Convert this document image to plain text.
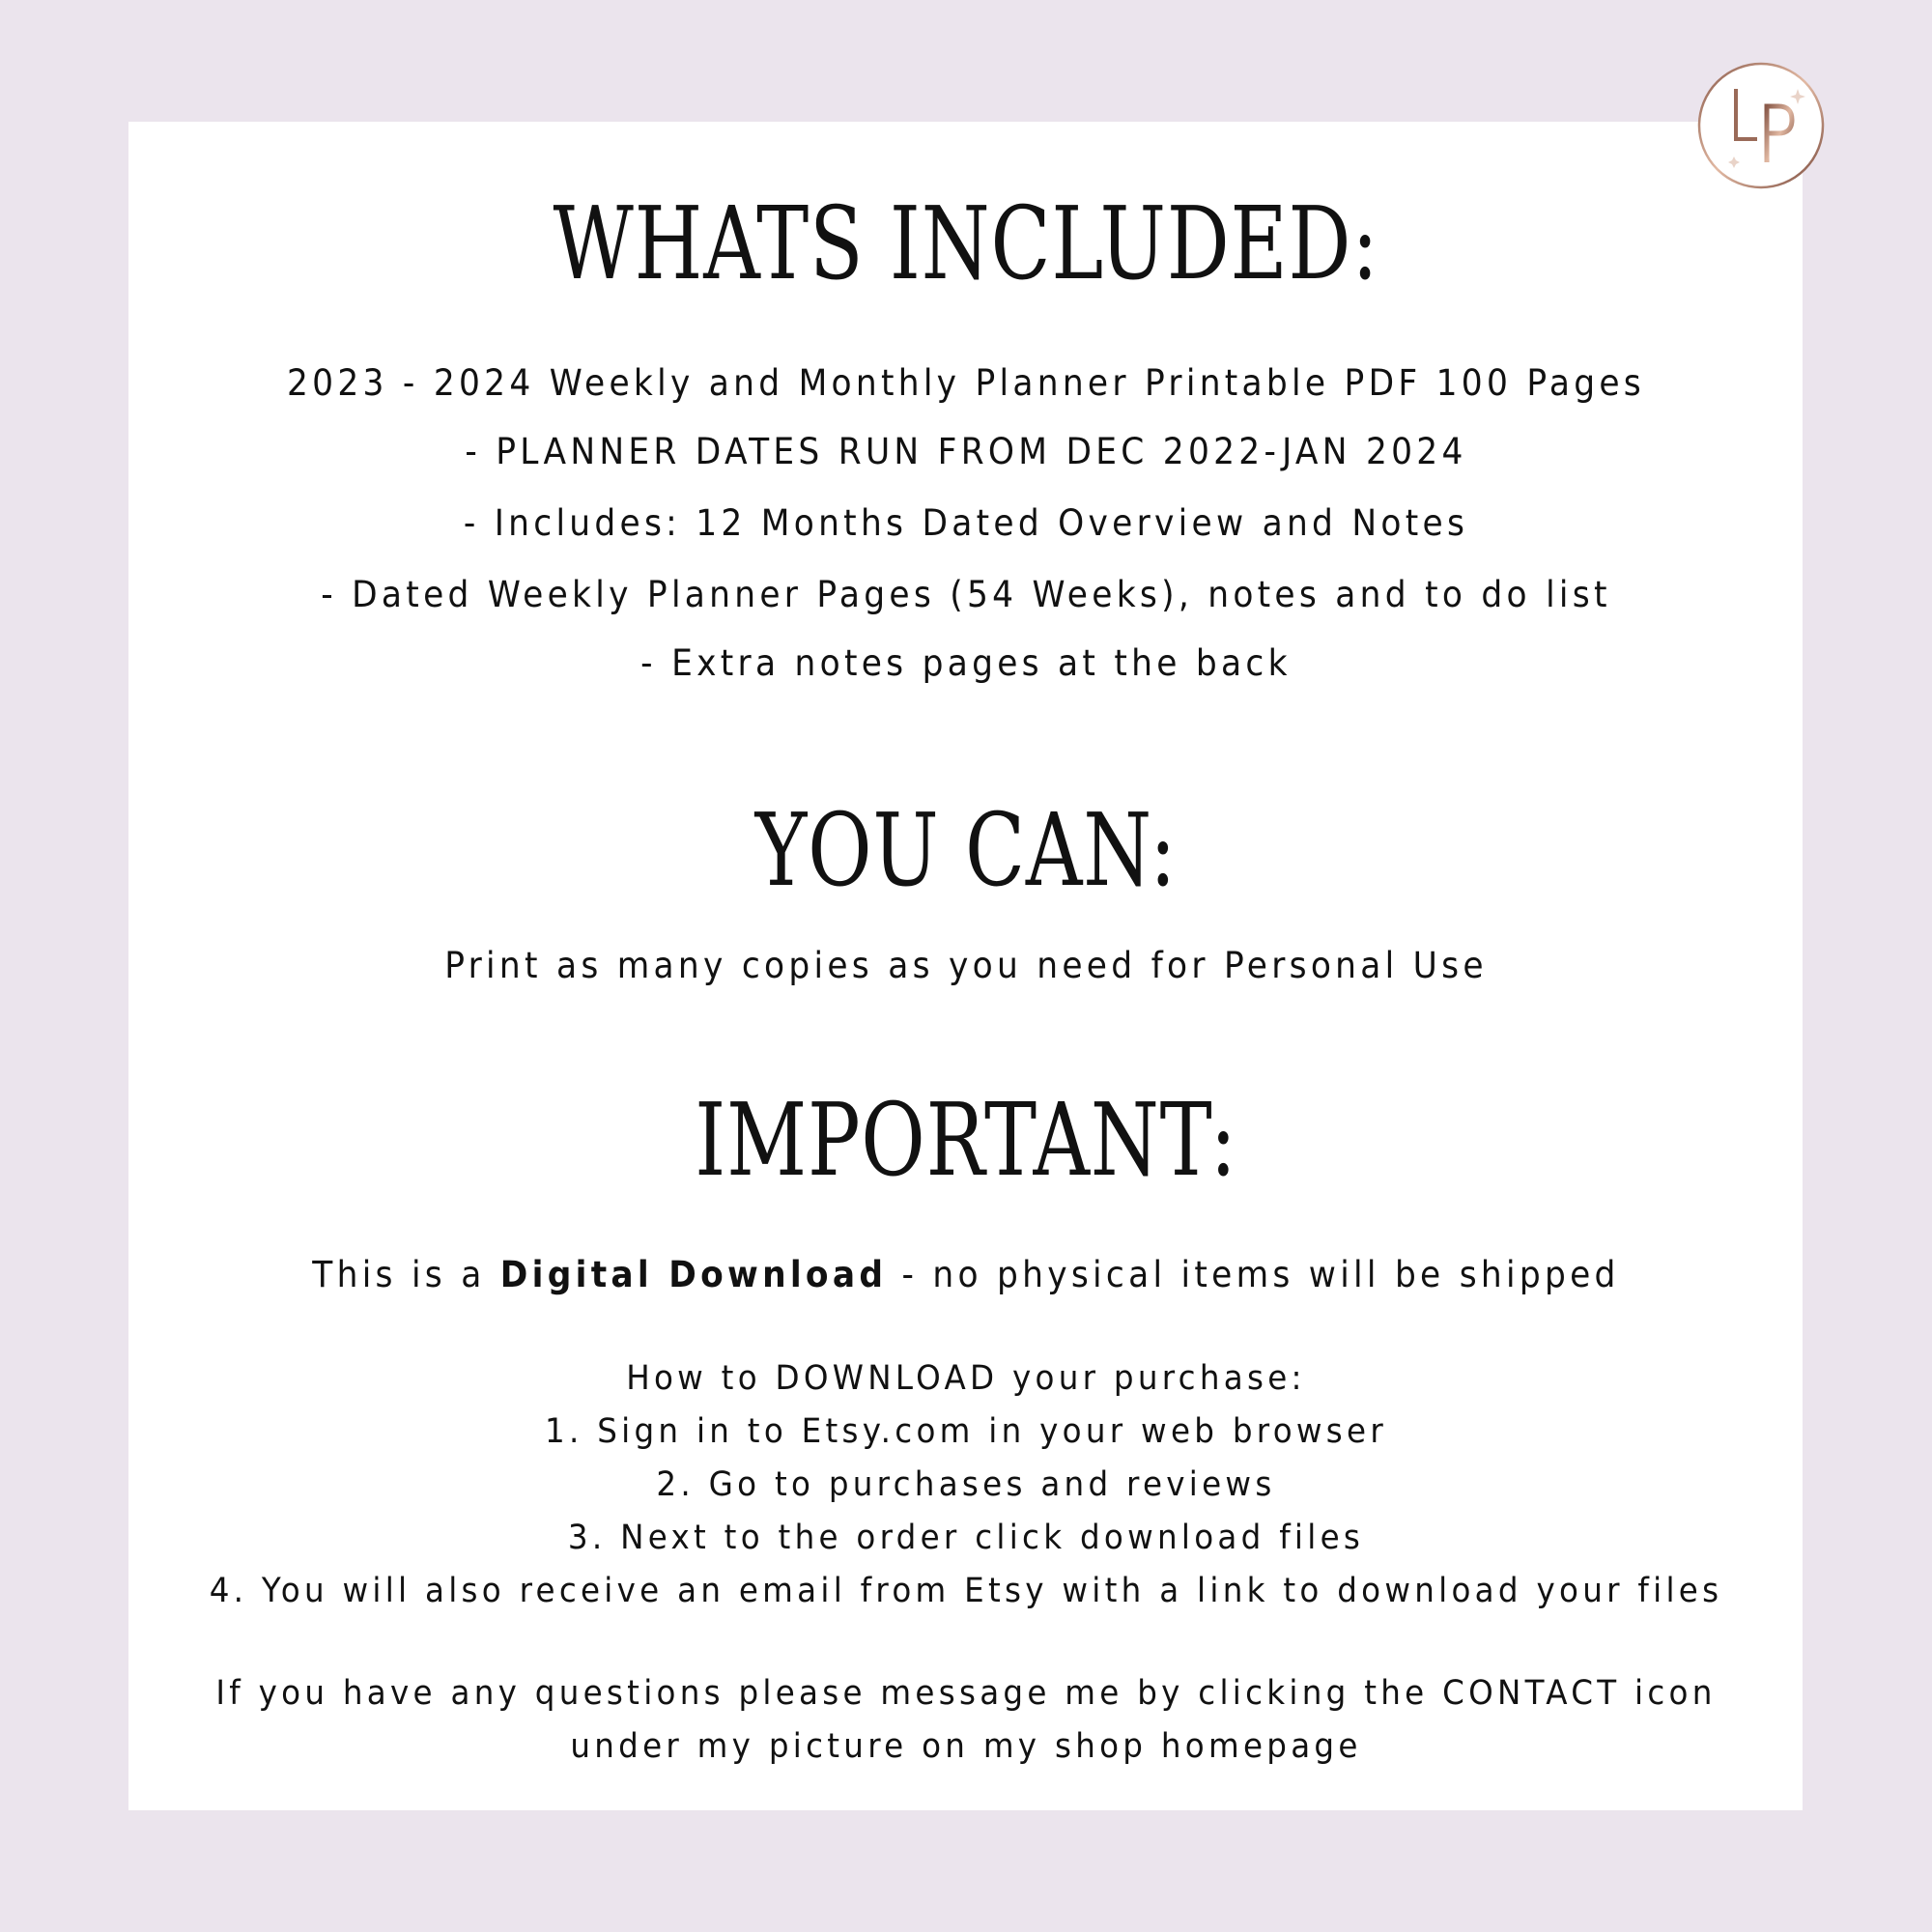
WHATS INCLUDED:
2023 - 2024 Weekly and Monthly Planner Printable PDF 100 Pages
- PLANNER DATES RUN FROM DEC 2022-JAN 2024
- Includes: 12 Months Dated Overview and Notes
- Dated Weekly Planner Pages (54 Weeks), notes and to do list
- Extra notes pages at the back
YOU CAN:
Print as many copies as you need for Personal Use
IMPORTANT:
This is a Digital Download - no physical items will be shipped
How to DOWNLOAD your purchase:
1. Sign in to Etsy.com in your web browser
2. Go to purchases and reviews
3. Next to the order click download files
4. You will also receive an email from Etsy with a link to download your files
If you have any questions please message me by clicking the CONTACT icon
under my picture on my shop homepage
